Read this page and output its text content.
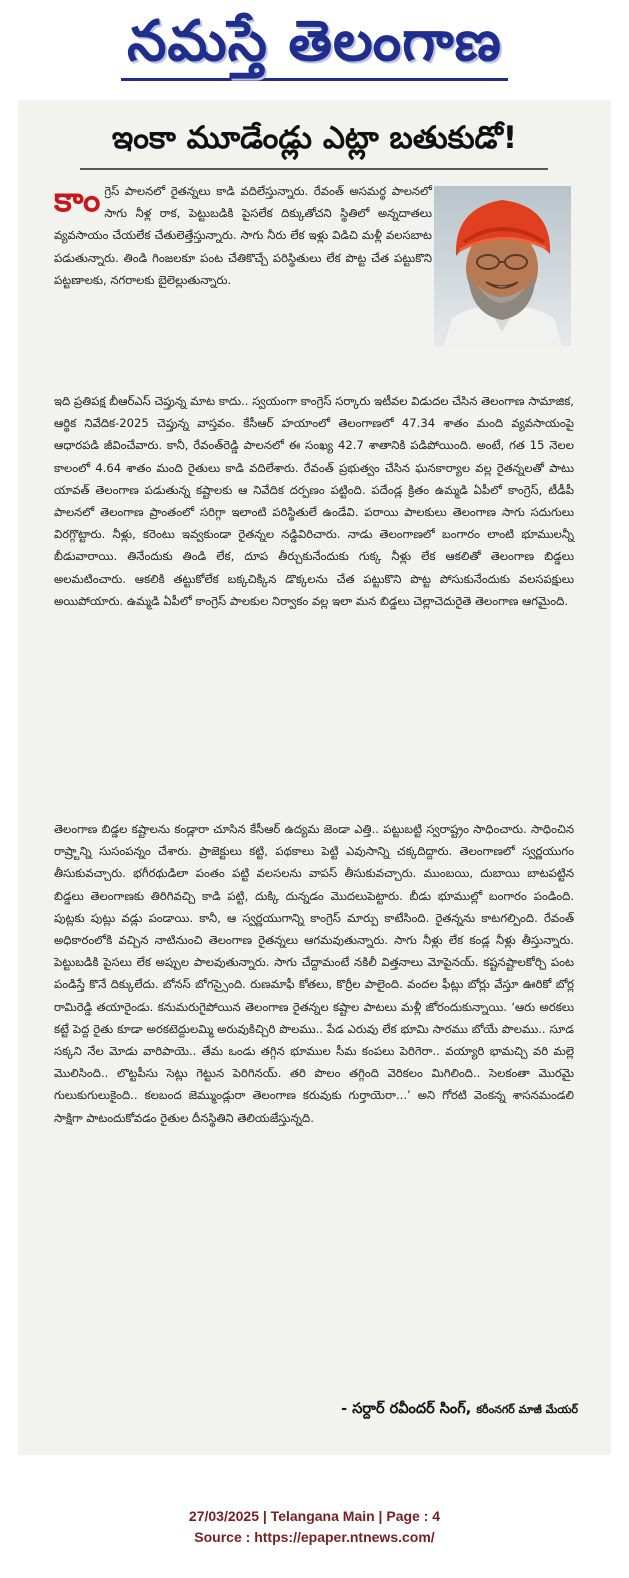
నమస్తే తెలంగాణ
ఇంకా మూడేండ్లు ఎట్లా బతుకుడో!

కాంగ్రెస్ పాలనలో రైతన్నలు కాడి వదిలేస్తున్నారు. రేవంత్ అసమర్థ పాలనలో సాగు నీళ్ల రాక, పెట్టుబడికి పైసలేక దిక్కుతోచని స్థితిలో అన్నదాతలు వ్యవసాయం చేయలేక చేతులెత్తేస్తున్నారు. సాగు నీరు లేక ఇళ్లు విడిచి మళ్లీ వలసబాట పడుతున్నారు. తిండి గింజలకూ పంట చేతికొచ్చే పరిస్థితులు లేక పొట్ట చేత పట్టుకొని పట్టణాలకు, నగరాలకు బైలెల్లుతున్నారు.

ఇది ప్రతిపక్ష బీఆర్ఎస్ చెప్తున్న మాట కాదు.. స్వయంగా కాంగ్రెస్ సర్కారు ఇటీవల విడుదల చేసిన తెలంగాణ సామాజిక, ఆర్థిక నివేదిక-2025 చెప్తున్న వాస్తవం. కేసీఆర్ హయాంలో తెలంగాణలో 47.34 శాతం మంది వ్యవసాయంపై ఆధారపడి జీవించేవారు. కానీ, రేవంత్‌రెడ్డి పాలనలో ఈ సంఖ్య 42.7 శాతానికి పడిపోయింది. అంటే, గత 15 నెలల కాలంలో 4.64 శాతం మంది రైతులు కాడి వదిలేశారు. రేవంత్ ప్రభుత్వం చేసిన ఘనకార్యాల వల్ల రైతన్నలతో పాటు యావత్ తెలంగాణ పడుతున్న కష్టాలకు ఆ నివేదిక దర్పణం పట్టింది. పదేండ్ల క్రితం ఉమ్మడి ఏపీలో కాంగ్రెస్, టీడీపీ పాలనలో తెలంగాణ ప్రాంతంలో సరిగ్గా ఇలాంటి పరిస్థితులే ఉండేవి. పరాయి పాలకులు తెలంగాణ సాగు సదుగులు విరగ్గొట్టారు. నీళ్లు, కరెంటు ఇవ్వకుండా రైతన్నల నడ్డివిరిచారు. నాడు తెలంగాణలో బంగారం లాంటి భూములన్నీ బీడువారాయి. తినేందుకు తిండి లేక, దూప తీర్చుకునేందుకు గుక్క నీళ్లు లేక ఆకలితో తెలంగాణ బిడ్డలు అలమటించారు. ఆకలికి తట్టుకోలేక బక్కచిక్కిన డొక్కలను చేత పట్టుకొని పొట్ట పోసుకునేందుకు వలసపక్షులు అయిపోయారు. ఉమ్మడి ఏపీలో కాంగ్రెస్ పాలకుల నిర్వాకం వల్ల ఇలా మన బిడ్డలు చెల్లాచెదురైతె తెలంగాణ ఆగమైంది.

తెలంగాణ బిడ్డల కష్టాలను కండ్లారా చూసిన కేసీఆర్ ఉద్యమ జెండా ఎత్తి.. పట్టుబట్టి స్వరాష్ట్రం సాధించారు. సాధించిన రాష్ర్టాన్ని సుసంపన్నం చేశారు. ప్రాజెక్టులు కట్టి, పథకాలు పెట్టి ఎవుసాన్ని చక్కదిద్దారు. తెలంగాణలో స్వర్ణయుగం తీసుకువచ్చారు. భగీరథుడిలా పంతం పట్టి వలసలను వాపస్ తీసుకువచ్చారు. ముంబయి, దుబాయి బాటపట్టిన బిడ్డలు తెలంగాణకు తిరిగివచ్చి కాడి పట్టి, దుక్కి దున్నడం మొదలుపెట్టారు. బీడు భూముల్లో బంగారం పండింది. పుట్లకు పుట్లు వడ్లు పండాయి. కానీ, ఆ స్వర్ణయుగాన్ని కాంగ్రెస్ మార్పు కాటేసింది. రైతన్నను కాటగల్పింది. రేవంత్ అధికారంలోకి వచ్చిన నాటినుంచి తెలంగాణ రైతన్నలు ఆగమవుతున్నారు. సాగు నీళ్లు లేక కండ్ల నీళ్లు తీస్తున్నారు. పెట్టుబడికి పైసలు లేక అప్పుల పాలవుతున్నారు. సాగు చేద్దామంటే నకిలీ విత్తనాలు మోపైనయ్. కష్టనష్టాలకోర్చి పంట పండిస్తే కొనే దిక్కులేదు. బోనస్ బోగస్సైంది. రుణమాఫీ కోతలు, కొర్రీల పాలైంది. వందల ఫీట్లు బోర్లు వేస్తూ ఊరికో బోర్ల రామిరెడ్డి తయారైండు. కనుమరుగైపోయిన తెలంగాణ రైతన్నల కష్టాల పాటలు మళ్లీ జోరందుకున్నాయి. ‘ఆరు అరకలు కట్టే పెద్ద రైతు కూడా అరకటెద్దులమ్మి అరువుకిచ్చిరి పొలము.. పేడ ఎరువు లేక భూమి సారము బోయే పొలము.. సూడ సక్కని నేల మోడు వారిపాయె.. తేమ ఒండు తగ్గిన భూముల సీమ కంపలు పెరిగెరా.. వయ్యారి భామచ్చి వరి మల్లె మొలిసింది.. లొట్టపీసు సెట్లు గెట్టున పెరిగినయ్. తరి పొలం తగ్గింది వెరికలం మిగిలింది.. సెలకంతా మొరమై గులుకుగులుకైంది.. కలబంద జెమ్ముండ్లురా తెలంగాణ కరువుకు గుర్తాయెరా...’ అని గోరటి వెంకన్న శాసనమండలి సాక్షిగా పాటందుకోవడం రైతుల దీనస్థితిని తెలియజేస్తున్నది.

- సర్దార్ రవీందర్ సింగ్, కరీంనగర్ మాజీ మేయర్
27/03/2025 | Telangana Main | Page : 4
Source : https://epaper.ntnews.com/
